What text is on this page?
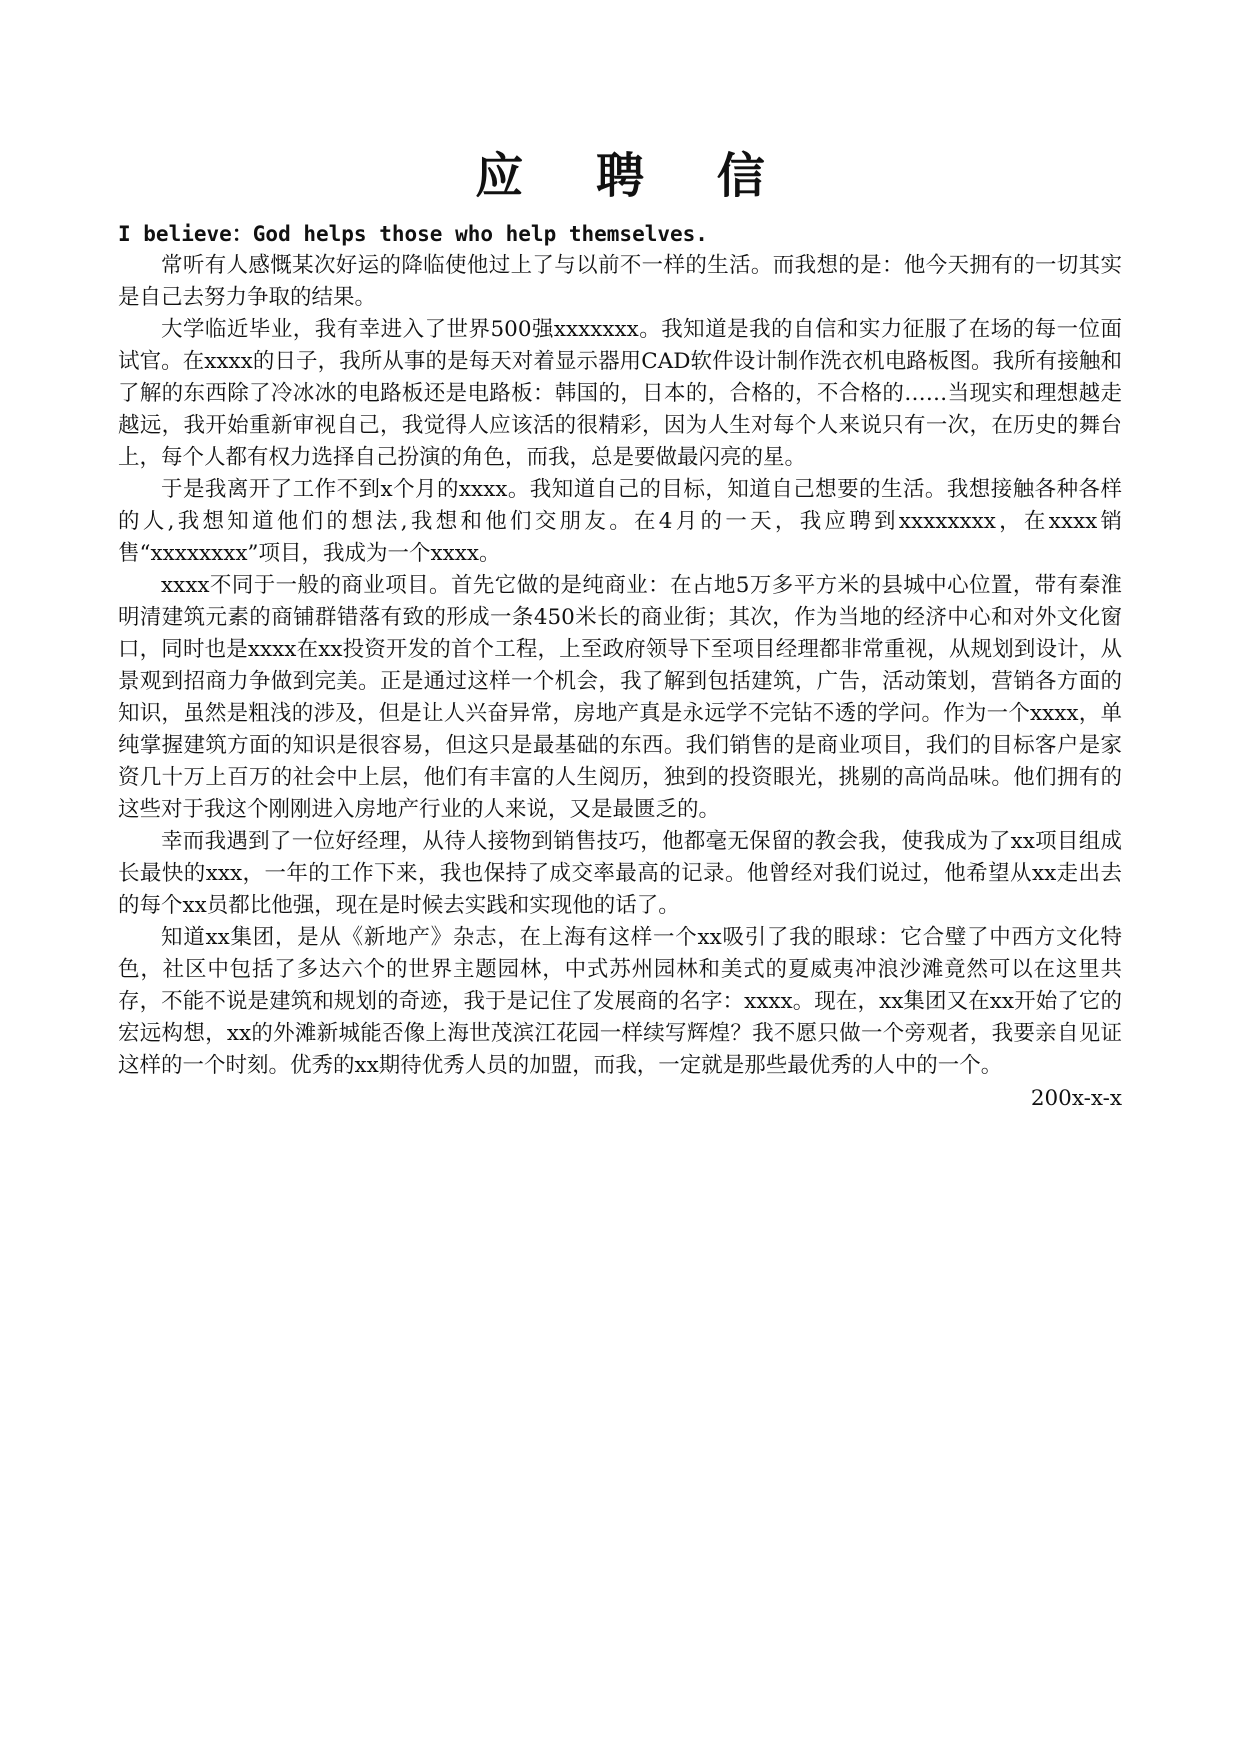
应 聘 信

I believe：God helps those who help themselves.

常听有人感慨某次好运的降临使他过上了与以前不一样的生活。而我想的是：他今天拥有的一切其实是自己去努力争取的结果。

大学临近毕业，我有幸进入了世界500强xxxxxxx。我知道是我的自信和实力征服了在场的每一位面试官。在xxxx的日子，我所从事的是每天对着显示器用CAD软件设计制作洗衣机电路板图。我所有接触和了解的东西除了冷冰冰的电路板还是电路板：韩国的，日本的，合格的，不合格的……当现实和理想越走越远，我开始重新审视自己，我觉得人应该活的很精彩，因为人生对每个人来说只有一次，在历史的舞台上，每个人都有权力选择自己扮演的角色，而我，总是要做最闪亮的星。

于是我离开了工作不到x个月的xxxx。我知道自己的目标，知道自己想要的生活。我想接触各种各样的人,我想知道他们的想法,我想和他们交朋友。在4月的一天，我应聘到xxxxxxxx，在xxxx销售“xxxxxxxx”项目，我成为一个xxxx。

xxxx不同于一般的商业项目。首先它做的是纯商业：在占地5万多平方米的县城中心位置，带有秦淮明清建筑元素的商铺群错落有致的形成一条450米长的商业街；其次，作为当地的经济中心和对外文化窗口，同时也是xxxx在xx投资开发的首个工程，上至政府领导下至项目经理都非常重视，从规划到设计，从景观到招商力争做到完美。正是通过这样一个机会，我了解到包括建筑，广告，活动策划，营销各方面的知识，虽然是粗浅的涉及，但是让人兴奋异常，房地产真是永远学不完钻不透的学问。作为一个xxxx，单纯掌握建筑方面的知识是很容易，但这只是最基础的东西。我们销售的是商业项目，我们的目标客户是家资几十万上百万的社会中上层，他们有丰富的人生阅历，独到的投资眼光，挑剔的高尚品味。他们拥有的这些对于我这个刚刚进入房地产行业的人来说，又是最匮乏的。

幸而我遇到了一位好经理，从待人接物到销售技巧，他都毫无保留的教会我，使我成为了xx项目组成长最快的xxx，一年的工作下来，我也保持了成交率最高的记录。他曾经对我们说过，他希望从xx走出去的每个xx员都比他强，现在是时候去实践和实现他的话了。

知道xx集团，是从《新地产》杂志，在上海有这样一个xx吸引了我的眼球：它合璧了中西方文化特色，社区中包括了多达六个的世界主题园林，中式苏州园林和美式的夏威夷冲浪沙滩竟然可以在这里共存，不能不说是建筑和规划的奇迹，我于是记住了发展商的名字：xxxx。现在，xx集团又在xx开始了它的宏远构想，xx的外滩新城能否像上海世茂滨江花园一样续写辉煌？我不愿只做一个旁观者，我要亲自见证这样的一个时刻。优秀的xx期待优秀人员的加盟，而我，一定就是那些最优秀的人中的一个。

200x-x-x
